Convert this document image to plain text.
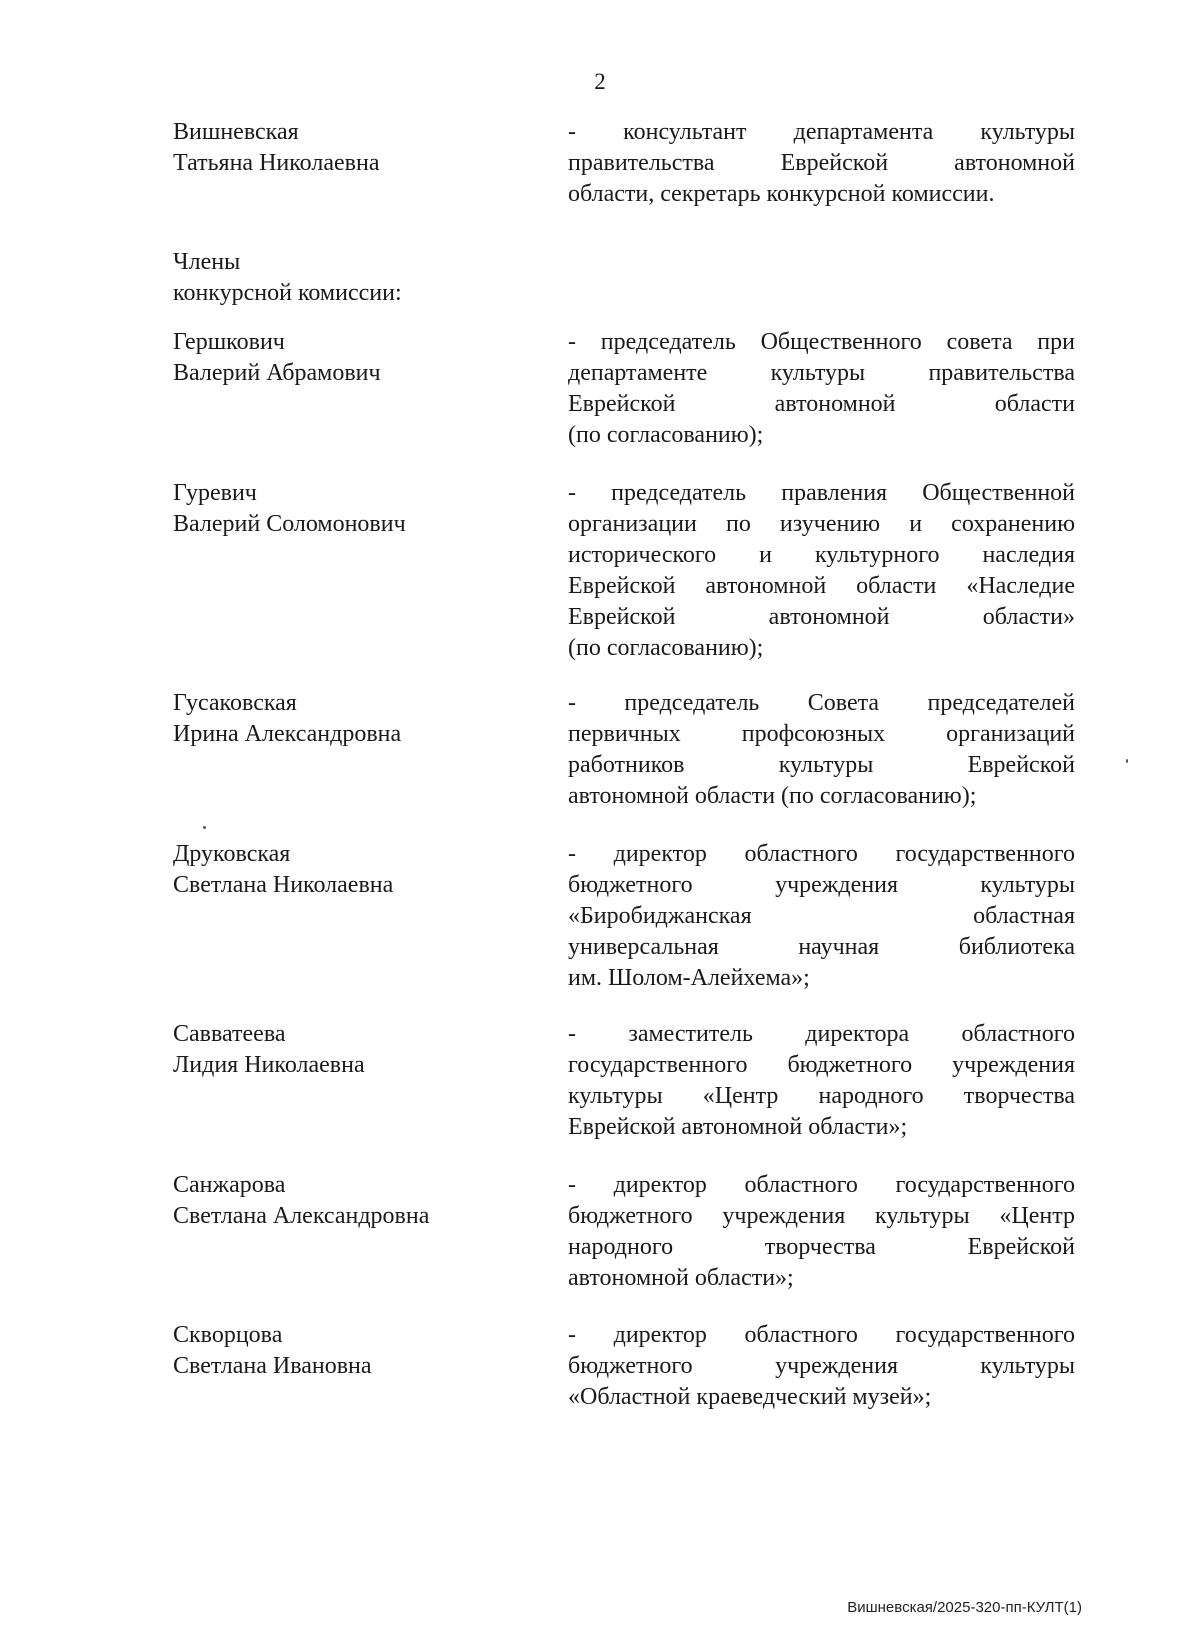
2
Вишневская
Татьяна Николаевна
- консультант департамента культуры
правительства Еврейской автономной
области, секретарь конкурсной комиссии.
Члены
конкурсной комиссии:
Гершкович
Валерий Абрамович
- председатель Общественного совета при
департаменте культуры правительства
Еврейской автономной области
(по согласованию);
Гуревич
Валерий Соломонович
- председатель правления Общественной
организации по изучению и сохранению
исторического и культурного наследия
Еврейской автономной области «Наследие
Еврейской автономной области»
(по согласованию);
Гусаковская
Ирина Александровна
- председатель Совета председателей
первичных профсоюзных организаций
работников культуры Еврейской
автономной области (по согласованию);
Друковская
Светлана Николаевна
- директор областного государственного
бюджетного учреждения культуры
«Биробиджанская областная
универсальная научная библиотека
им. Шолом-Алейхема»;
Савватеева
Лидия Николаевна
- заместитель директора областного
государственного бюджетного учреждения
культуры «Центр народного творчества
Еврейской автономной области»;
Санжарова
Светлана Александровна
- директор областного государственного
бюджетного учреждения культуры «Центр
народного творчества Еврейской
автономной области»;
Скворцова
Светлана Ивановна
- директор областного государственного
бюджетного учреждения культуры
«Областной краеведческий музей»;
Вишневская/2025-320-пп-КУЛТ(1)
